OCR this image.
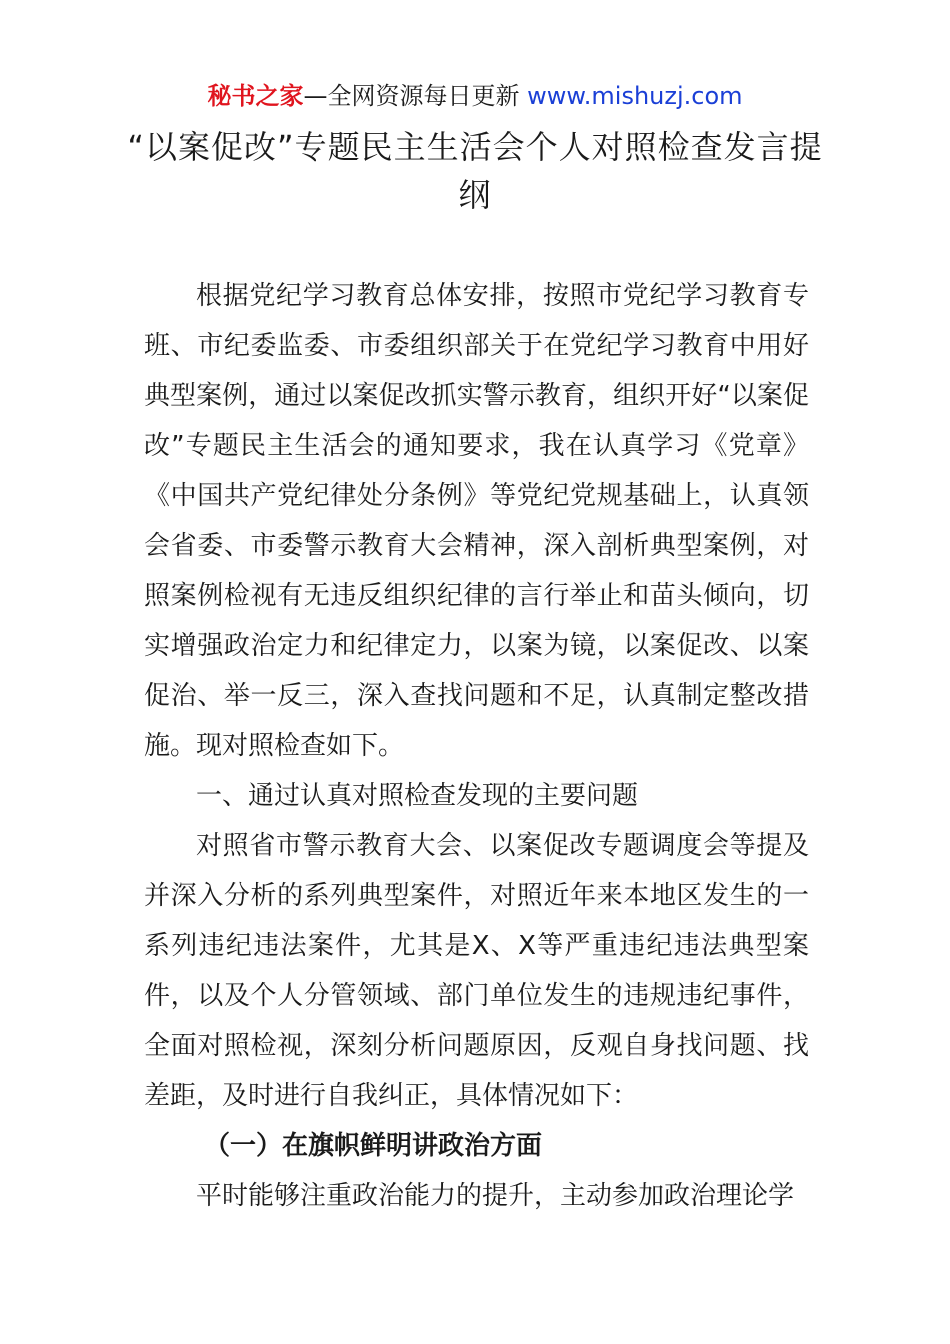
秘书之家—全网资源每日更新 www.mishuzj.com
“以案促改”专题民主生活会个人对照检查发言提纲

根据党纪学习教育总体安排，按照市党纪学习教育专班、市纪委监委、市委组织部关于在党纪学习教育中用好典型案例，通过以案促改抓实警示教育，组织开好“以案促改”专题民主生活会的通知要求，我在认真学习《党章》《中国共产党纪律处分条例》等党纪党规基础上，认真领会省委、市委警示教育大会精神，深入剖析典型案例，对照案例检视有无违反组织纪律的言行举止和苗头倾向，切实增强政治定力和纪律定力，以案为镜，以案促改、以案促治、举一反三，深入查找问题和不足，认真制定整改措施。现对照检查如下。

一、通过认真对照检查发现的主要问题

对照省市警示教育大会、以案促改专题调度会等提及并深入分析的系列典型案件，对照近年来本地区发生的一系列违纪违法案件，尤其是X、X等严重违纪违法典型案件，以及个人分管领域、部门单位发生的违规违纪事件，全面对照检视，深刻分析问题原因，反观自身找问题、找差距，及时进行自我纠正，具体情况如下：

（一）在旗帜鲜明讲政治方面

平时能够注重政治能力的提升，主动参加政治理论学
